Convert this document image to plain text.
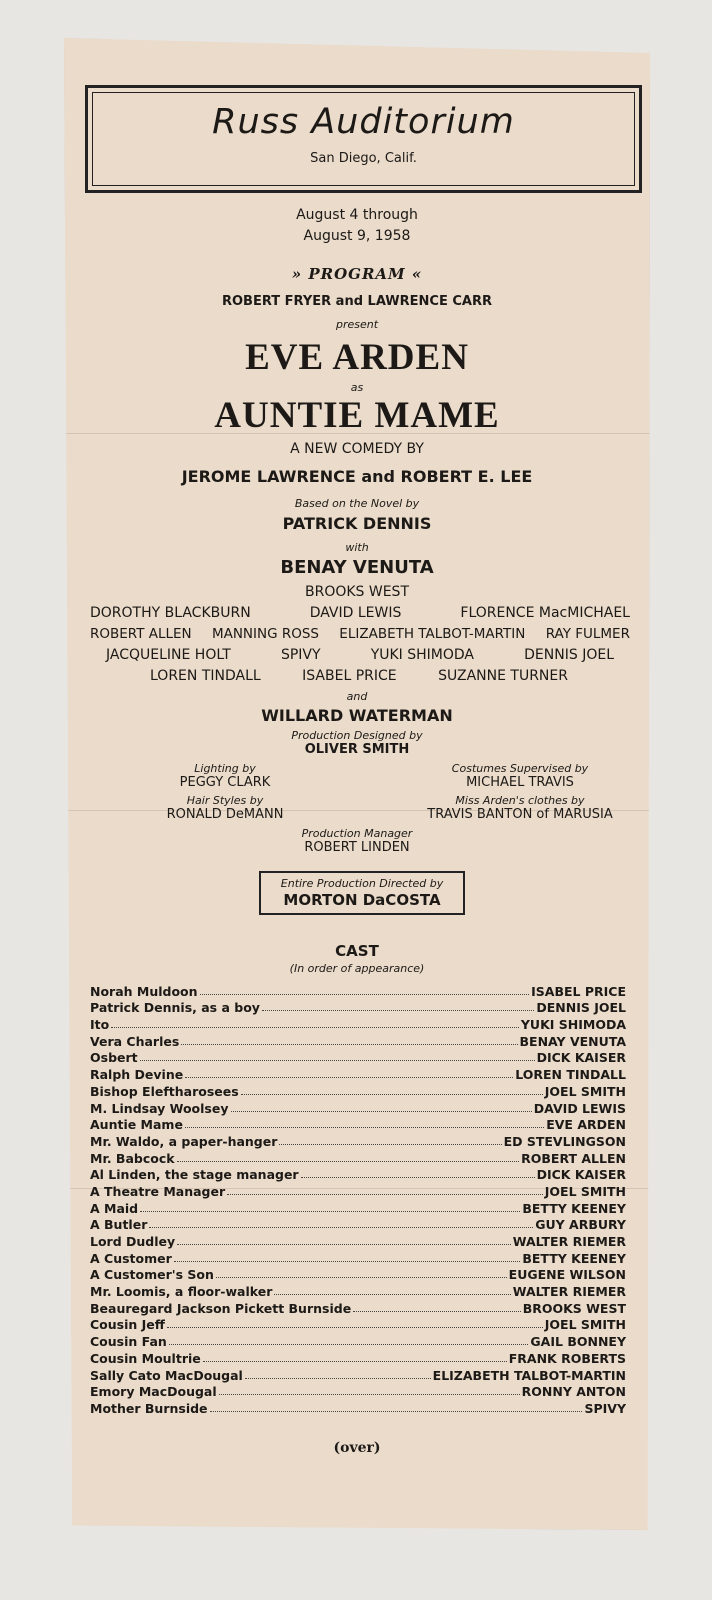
Russ Auditorium
San Diego, Calif.
August 4 through
August 9, 1958
» PROGRAM «
ROBERT FRYER and LAWRENCE CARR
present
EVE ARDEN
as
AUNTIE MAME
A NEW COMEDY BY
JEROME LAWRENCE and ROBERT E. LEE
Based on the Novel by
PATRICK DENNIS
with
BENAY VENUTA
BROOKS WEST
DOROTHY BLACKBURN	DAVID LEWIS	FLORENCE MacMICHAEL
ROBERT ALLEN MANNING ROSS ELIZABETH TALBOT-MARTIN RAY FULMER
JACQUELINE HOLT	SPIVY	YUKI SHIMODA	DENNIS JOEL
LOREN TINDALL	ISABEL PRICE	SUZANNE TURNER
and
WILLARD WATERMAN
Production Designed by
OLIVER SMITH
Lighting by
PEGGY CLARK
Costumes Supervised by
MICHAEL TRAVIS
Hair Styles by
RONALD DeMANN
Miss Arden's clothes by
TRAVIS BANTON of MARUSIA
Production Manager
ROBERT LINDEN
Entire Production Directed by
MORTON DaCOSTA
CAST
(In order of appearance)
Norah Muldoon	ISABEL PRICE
Patrick Dennis, as a boy	DENNIS JOEL
Ito	YUKI SHIMODA
Vera Charles	BENAY VENUTA
Osbert	DICK KAISER
Ralph Devine	LOREN TINDALL
Bishop Eleftharosees	JOEL SMITH
M. Lindsay Woolsey	DAVID LEWIS
Auntie Mame	EVE ARDEN
Mr. Waldo, a paper-hanger	ED STEVLINGSON
Mr. Babcock	ROBERT ALLEN
Al Linden, the stage manager	DICK KAISER
A Theatre Manager	JOEL SMITH
A Maid	BETTY KEENEY
A Butler	GUY ARBURY
Lord Dudley	WALTER RIEMER
A Customer	BETTY KEENEY
A Customer's Son	EUGENE WILSON
Mr. Loomis, a floor-walker	WALTER RIEMER
Beauregard Jackson Pickett Burnside	BROOKS WEST
Cousin Jeff	JOEL SMITH
Cousin Fan	GAIL BONNEY
Cousin Moultrie	FRANK ROBERTS
Sally Cato MacDougal	ELIZABETH TALBOT-MARTIN
Emory MacDougal	RONNY ANTON
Mother Burnside	SPIVY
(over)
